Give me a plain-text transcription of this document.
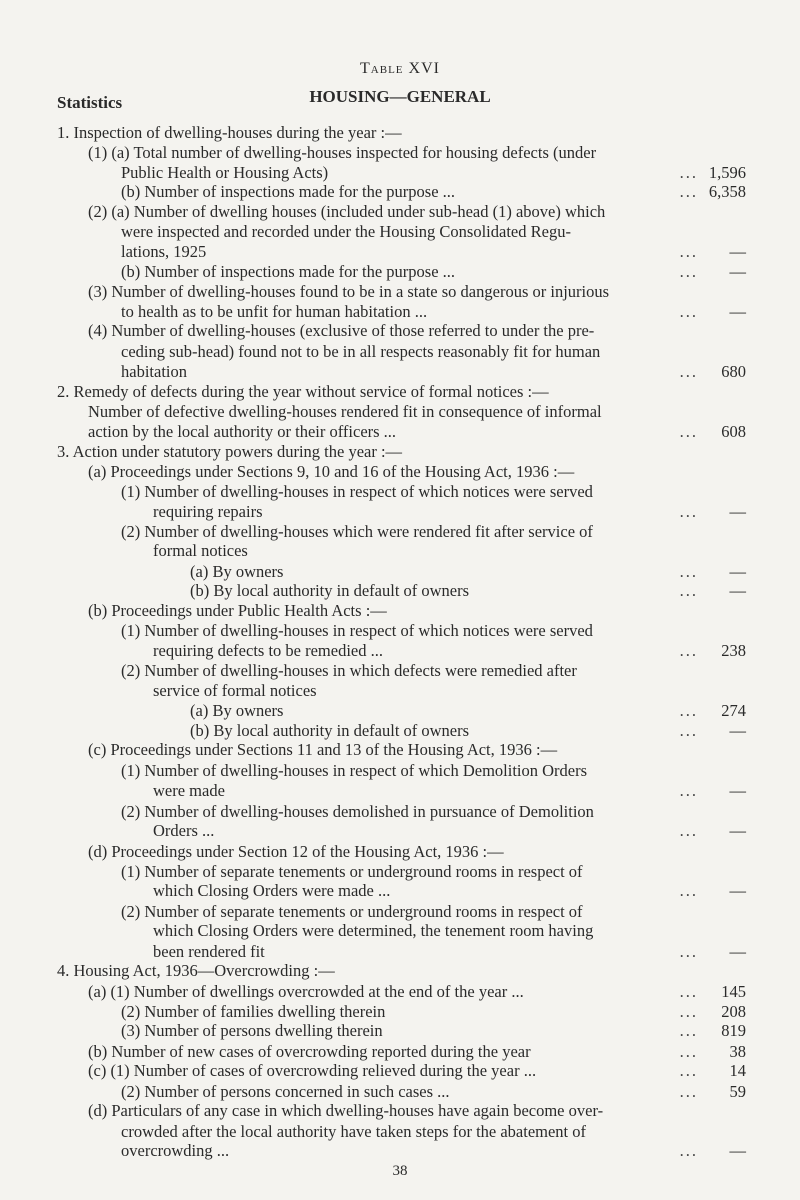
Table XVI
HOUSING—GENERAL
Statistics
1. Inspection of dwelling-houses during the year :—
(1) (a) Total number of dwelling-houses inspected for housing defects (under
Public Health or Housing Acts)	... 1,596
(b) Number of inspections made for the purpose ...	... 6,358
(2) (a) Number of dwelling houses (included under sub-head (1) above) which
were inspected and recorded under the Housing Consolidated Regu-
lations, 1925	... —
(b) Number of inspections made for the purpose ...	... —
(3) Number of dwelling-houses found to be in a state so dangerous or injurious
to health as to be unfit for human habitation ...	... —
(4) Number of dwelling-houses (exclusive of those referred to under the pre-
ceding sub-head) found not to be in all respects reasonably fit for human
habitation	... 680
2. Remedy of defects during the year without service of formal notices :—
Number of defective dwelling-houses rendered fit in consequence of informal
action by the local authority or their officers ...	... 608
3. Action under statutory powers during the year :—
(a) Proceedings under Sections 9, 10 and 16 of the Housing Act, 1936 :—
(1) Number of dwelling-houses in respect of which notices were served
requiring repairs	... —
(2) Number of dwelling-houses which were rendered fit after service of
formal notices
(a) By owners	... —
(b) By local authority in default of owners	... —
(b) Proceedings under Public Health Acts :—
(1) Number of dwelling-houses in respect of which notices were served
requiring defects to be remedied ...	... 238
(2) Number of dwelling-houses in which defects were remedied after
service of formal notices
(a) By owners	... 274
(b) By local authority in default of owners	... —
(c) Proceedings under Sections 11 and 13 of the Housing Act, 1936 :—
(1) Number of dwelling-houses in respect of which Demolition Orders
were made	... —
(2) Number of dwelling-houses demolished in pursuance of Demolition
Orders ...	... —
(d) Proceedings under Section 12 of the Housing Act, 1936 :—
(1) Number of separate tenements or underground rooms in respect of
which Closing Orders were made ...	... —
(2) Number of separate tenements or underground rooms in respect of
which Closing Orders were determined, the tenement room having
been rendered fit	... —
4. Housing Act, 1936—Overcrowding :—
(a) (1) Number of dwellings overcrowded at the end of the year ...	... 145
(2) Number of families dwelling therein	... 208
(3) Number of persons dwelling therein	... 819
(b) Number of new cases of overcrowding reported during the year	... 38
(c) (1) Number of cases of overcrowding relieved during the year ...	... 14
(2) Number of persons concerned in such cases ...	... 59
(d) Particulars of any case in which dwelling-houses have again become over-
crowded after the local authority have taken steps for the abatement of
overcrowding ...	... —
38
